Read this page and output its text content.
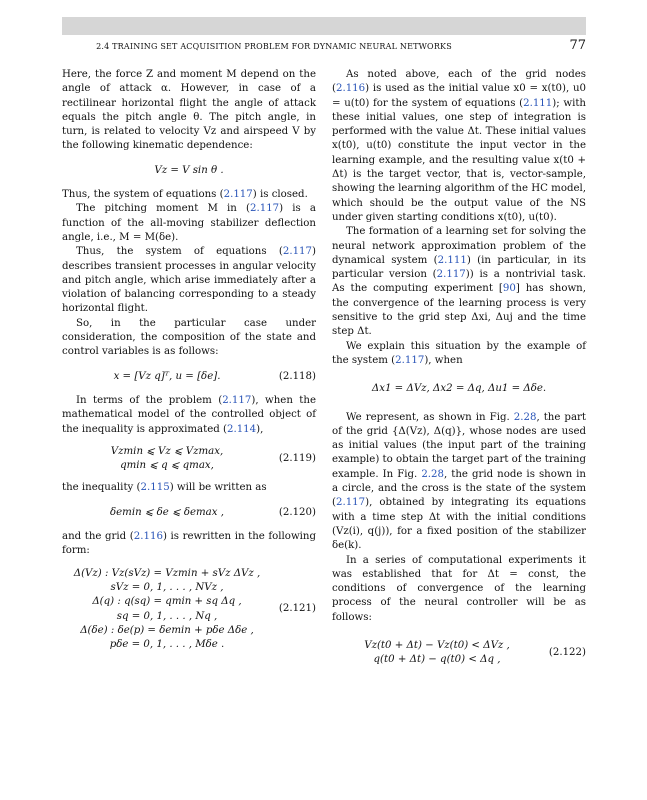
2.4 TRAINING SET ACQUISITION PROBLEM FOR DYNAMIC NEURAL NETWORKS	77

Here, the force Z and moment M depend on the angle of attack α. However, in case of a rectilinear horizontal flight the angle of attack equals the pitch angle θ. The pitch angle, in turn, is related to velocity Vz and airspeed V by the following kinematic dependence:

Vz = V sin θ .

Thus, the system of equations (2.117) is closed.

The pitching moment M in (2.117) is a function of the all-moving stabilizer deflection angle, i.e., M = M(δe).

Thus, the system of equations (2.117) describes transient processes in angular velocity and pitch angle, which arise immediately after a violation of balancing corresponding to a steady horizontal flight.

So, in the particular case under consideration, the composition of the state and control variables is as follows:

x = [Vz q]ᵀ, u = [δe].	(2.118)

In terms of the problem (2.117), when the mathematical model of the controlled object of the inequality is approximated (2.114),

Vzmin ⩽ Vz ⩽ Vzmax,
qmin ⩽ q ⩽ qmax,
(2.119)

the inequality (2.115) will be written as

δemin ⩽ δe ⩽ δemax ,	(2.120)

and the grid (2.116) is rewritten in the following form:

Δ(Vz) : Vz(sVz) = Vzmin + sVz ΔVz ,
sVz = 0, 1, . . . , NVz ,
Δ(q) : q(sq) = qmin + sq Δq ,
sq = 0, 1, . . . , Nq ,
Δ(δe) : δe(p) = δemin + pδe Δδe ,
pδe = 0, 1, . . . , Mδe .
(2.121)

As noted above, each of the grid nodes (2.116) is used as the initial value x0 = x(t0), u0 = u(t0) for the system of equations (2.111); with these initial values, one step of integration is performed with the value Δt. These initial values x(t0), u(t0) constitute the input vector in the learning example, and the resulting value x(t0 + Δt) is the target vector, that is, vector-sample, showing the learning algorithm of the HC model, which should be the output value of the NS under given starting conditions x(t0), u(t0).

The formation of a learning set for solving the neural network approximation problem of the dynamical system (2.111) (in particular, in its particular version (2.117)) is a nontrivial task. As the computing experiment [90] has shown, the convergence of the learning process is very sensitive to the grid step Δxi, Δuj and the time step Δt.

We explain this situation by the example of the system (2.117), when

Δx1 = ΔVz, Δx2 = Δq, Δu1 = Δδe.

We represent, as shown in Fig. 2.28, the part of the grid {Δ(Vz), Δ(q)}, whose nodes are used as initial values (the input part of the training example) to obtain the target part of the training example. In Fig. 2.28, the grid node is shown in a circle, and the cross is the state of the system (2.117), obtained by integrating its equations with a time step Δt with the initial conditions (Vz(i), q(j)), for a fixed position of the stabilizer δe(k).

In a series of computational experiments it was established that for Δt = const, the conditions of convergence of the learning process of the neural controller will be as follows:

Vz(t0 + Δt) − Vz(t0) < ΔVz ,
q(t0 + Δt) − q(t0) < Δq ,
(2.122)
